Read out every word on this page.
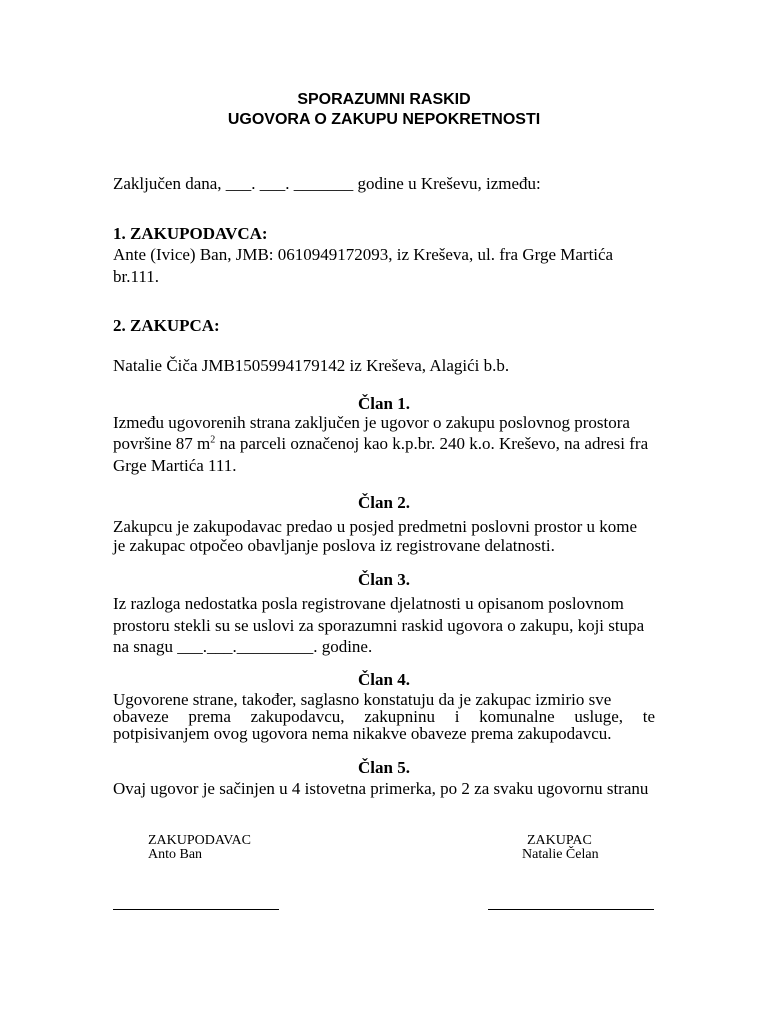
SPORAZUMNI RASKID
UGOVORA O ZAKUPU NEPOKRETNOSTI
Zaključen dana, ___. ___. _______ godine u Kreševu, između:
1. ZAKUPODAVCA:
Ante (Ivice) Ban, JMB: 0610949172093, iz Kreševa, ul. fra Grge Martića
br.111.
2. ZAKUPCA:
Natalie Čiča JMB1505994179142 iz Kreševa, Alagići b.b.
Član 1.
Između ugovorenih strana zaključen je ugovor o zakupu poslovnog prostora
površine 87 $m^2$ na parceli označenoj kao k.p.br. 240 k.o. Kreševo, na adresi fra
Grge Martića 111.
Član 2.
Zakupcu je zakupodavac predao u posjed predmetni poslovni prostor u kome
je zakupac otpočeo obavljanje poslova iz registrovane delatnosti.
Član 3.
Iz razloga nedostatka posla registrovane djelatnosti u opisanom poslovnom
prostoru stekli su se uslovi za sporazumni raskid ugovora o zakupu, koji stupa
na snagu ___.___._________. godine.
Član 4.
Ugovorene strane, također, saglasno konstatuju da je zakupac izmirio sve
obaveze prema zakupodavcu, zakupninu i komunalne usluge, te
potpisivanjem ovog ugovora nema nikakve obaveze prema zakupodavcu.
Član 5.
Ovaj ugovor je sačinjen u 4 istovetna primerka, po 2 za svaku ugovornu stranu
ZAKUPODAVAC
Anto Ban
ZAKUPAC
Natalie Čelan
